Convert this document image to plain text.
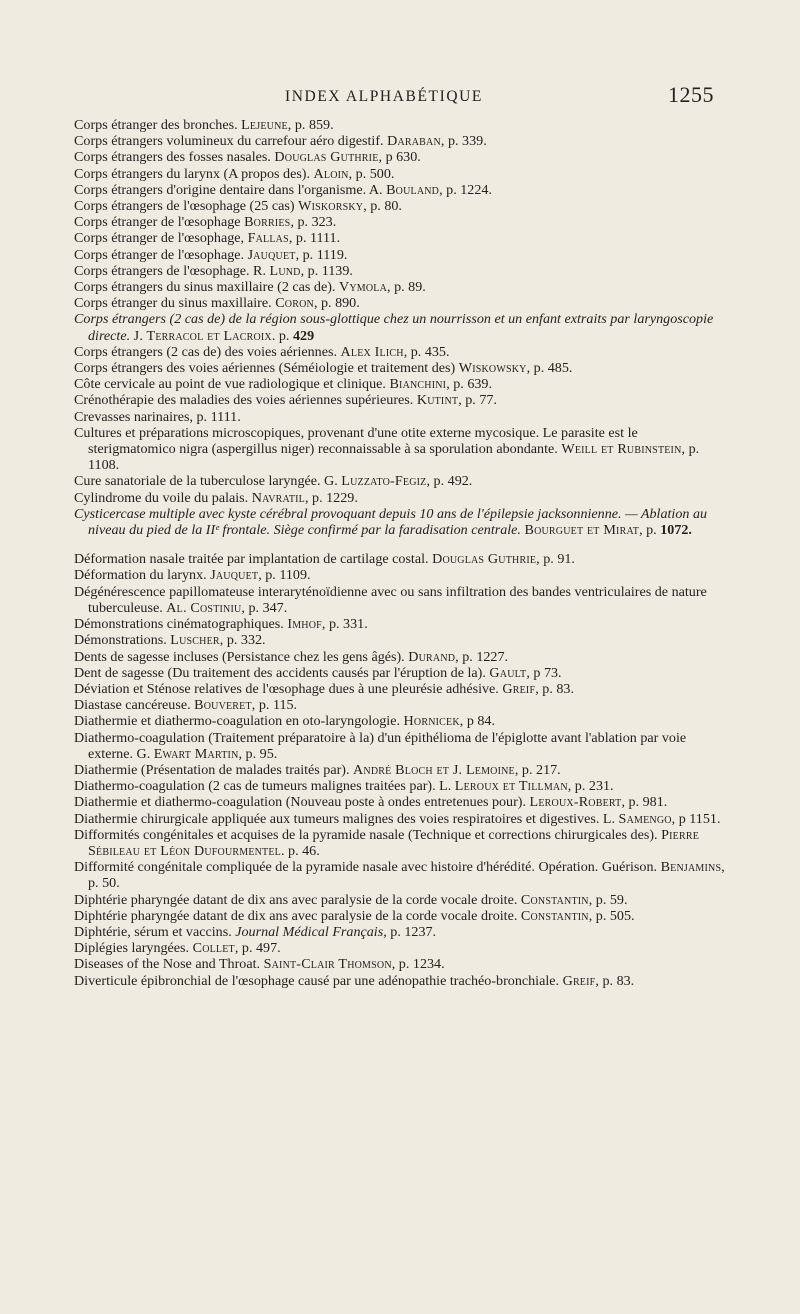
INDEX ALPHABÉTIQUE	1255

Corps étranger des bronches. Lejeune, p. 859.

Corps étrangers volumineux du carrefour aéro digestif. Daraban, p. 339.

Corps étrangers des fosses nasales. Douglas Guthrie, p 630.

Corps étrangers du larynx (A propos des). Aloin, p. 500.

Corps étrangers d'origine dentaire dans l'organisme. A. Bouland, p. 1224.

Corps étrangers de l'œsophage (25 cas) Wiskorsky, p. 80.

Corps étranger de l'œsophage Borries, p. 323.

Corps étranger de l'œsophage, Fallas, p. 1111.

Corps étranger de l'œsophage. Jauquet, p. 1119.

Corps étrangers de l'œsophage. R. Lund, p. 1139.

Corps étrangers du sinus maxillaire (2 cas de). Vymola, p. 89.

Corps étranger du sinus maxillaire. Coron, p. 890.

Corps étrangers (2 cas de) de la région sous-glottique chez un nourrisson et un enfant extraits par laryngoscopie directe. J. Terracol et Lacroix. p. 429

Corps étrangers (2 cas de) des voies aériennes. Alex Ilich, p. 435.

Corps étrangers des voies aériennes (Séméiologie et traitement des) Wiskowsky, p. 485.

Côte cervicale au point de vue radiologique et clinique. Bianchini, p. 639.

Crénothérapie des maladies des voies aériennes supérieures. Kutint, p. 77.

Crevasses narinaires, p. 1111.

Cultures et préparations microscopiques, provenant d'une otite externe mycosique. Le parasite est le sterigmatomico nigra (aspergillus niger) reconnaissable à sa sporulation abondante. Weill et Rubinstein, p. 1108.

Cure sanatoriale de la tuberculose laryngée. G. Luzzato-Fegiz, p. 492.

Cylindrome du voile du palais. Navratil, p. 1229.

Cysticercase multiple avec kyste cérébral provoquant depuis 10 ans de l'épilepsie jacksonnienne. — Ablation au niveau du pied de la IIᵉ frontale. Siège confirmé par la faradisation centrale. Bourguet et Mirat, p. 1072.

Déformation nasale traitée par implantation de cartilage costal. Douglas Guthrie, p. 91.

Déformation du larynx. Jauquet, p. 1109.

Dégénérescence papillomateuse interaryténoïdienne avec ou sans infiltration des bandes ventriculaires de nature tuberculeuse. Al. Costiniu, p. 347.

Démonstrations cinématographiques. Imhof, p. 331.

Démonstrations. Luscher, p. 332.

Dents de sagesse incluses (Persistance chez les gens âgés). Durand, p. 1227.

Dent de sagesse (Du traitement des accidents causés par l'éruption de la). Gault, p 73.

Déviation et Sténose relatives de l'œsophage dues à une pleurésie adhésive. Greif, p. 83.

Diastase cancéreuse. Bouveret, p. 115.

Diathermie et diathermo-coagulation en oto-laryngologie. Hornicek, p 84.

Diathermo-coagulation (Traitement préparatoire à la) d'un épithélioma de l'épiglotte avant l'ablation par voie externe. G. Ewart Martin, p. 95.

Diathermie (Présentation de malades traités par). André Bloch et J. Lemoine, p. 217.

Diathermo-coagulation (2 cas de tumeurs malignes traitées par). L. Leroux et Tillman, p. 231.

Diathermie et diathermo-coagulation (Nouveau poste à ondes entretenues pour). Leroux-Robert, p. 981.

Diathermie chirurgicale appliquée aux tumeurs malignes des voies respiratoires et digestives. L. Samengo, p 1151.

Difformités congénitales et acquises de la pyramide nasale (Technique et corrections chirurgicales des). Pierre Sébileau et Léon Dufourmentel. p. 46.

Difformité congénitale compliquée de la pyramide nasale avec histoire d'hérédité. Opération. Guérison. Benjamins, p. 50.

Diphtérie pharyngée datant de dix ans avec paralysie de la corde vocale droite. Constantin, p. 59.

Diphtérie pharyngée datant de dix ans avec paralysie de la corde vocale droite. Constantin, p. 505.

Diphtérie, sérum et vaccins. Journal Médical Français, p. 1237.

Diplégies laryngées. Collet, p. 497.

Diseases of the Nose and Throat. Saint-Clair Thomson, p. 1234.

Diverticule épibronchial de l'œsophage causé par une adénopathie trachéo-bronchiale. Greif, p. 83.
